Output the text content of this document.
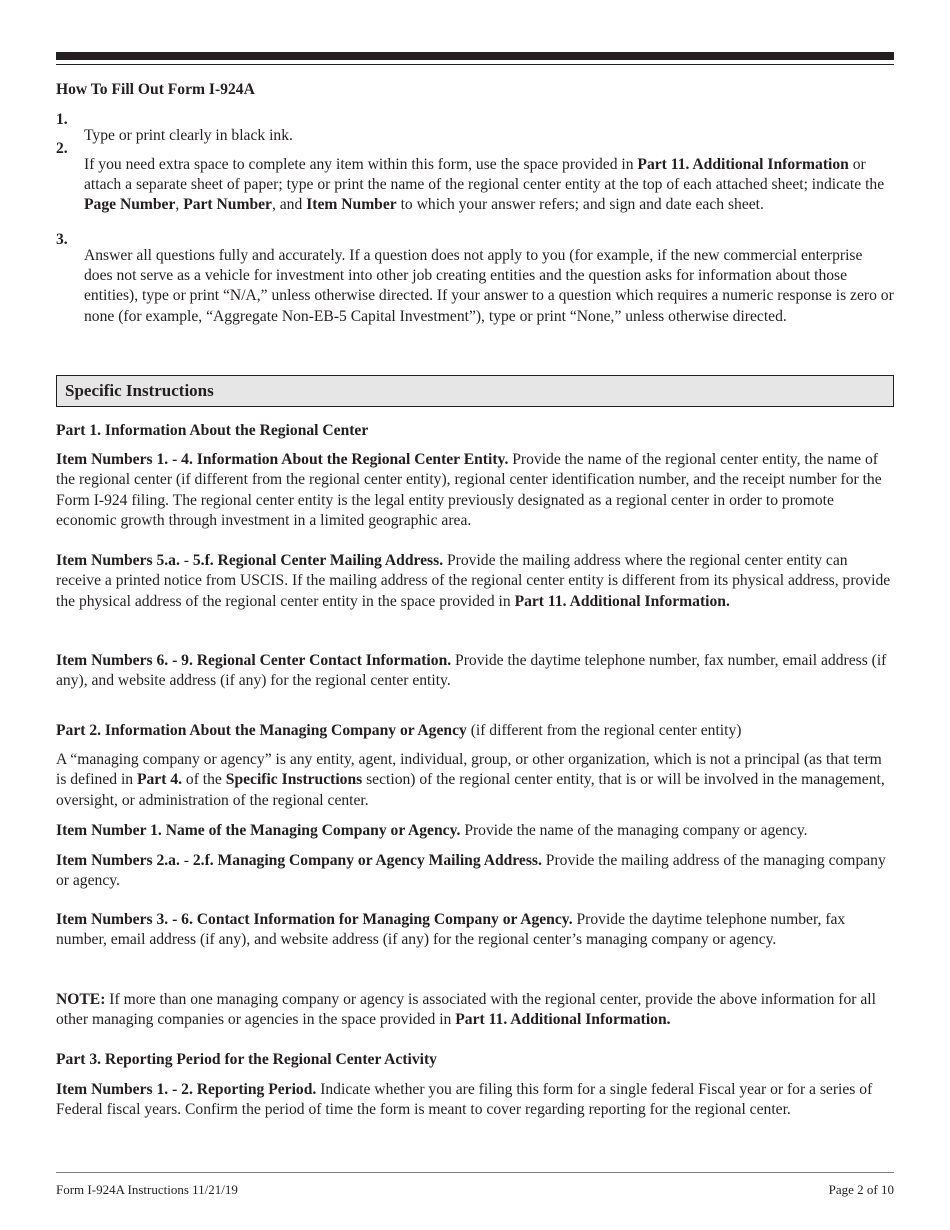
How To Fill Out Form I-924A

1.

Type or print clearly in black ink.

2.

If you need extra space to complete any item within this form, use the space provided in Part 11. Additional Information or attach a separate sheet of paper; type or print the name of the regional center entity at the top of each attached sheet; indicate the Page Number, Part Number, and Item Number to which your answer refers; and sign and date each sheet.

3.

Answer all questions fully and accurately. If a question does not apply to you (for example, if the new commercial enterprise does not serve as a vehicle for investment into other job creating entities and the question asks for information about those entities), type or print “N/A,” unless otherwise directed. If your answer to a question which requires a numeric response is zero or none (for example, “Aggregate Non-EB-5 Capital Investment”), type or print “None,” unless otherwise directed.

Specific Instructions

Part 1. Information About the Regional Center

Item Numbers 1. - 4. Information About the Regional Center Entity. Provide the name of the regional center entity, the name of the regional center (if different from the regional center entity), regional center identification number, and the receipt number for the Form I-924 filing. The regional center entity is the legal entity previously designated as a regional center in order to promote economic growth through investment in a limited geographic area.

Item Numbers 5.a. - 5.f. Regional Center Mailing Address. Provide the mailing address where the regional center entity can receive a printed notice from USCIS. If the mailing address of the regional center entity is different from its physical address, provide the physical address of the regional center entity in the space provided in Part 11. Additional Information.

Item Numbers 6. - 9. Regional Center Contact Information. Provide the daytime telephone number, fax number, email address (if any), and website address (if any) for the regional center entity.

Part 2. Information About the Managing Company or Agency (if different from the regional center entity)

A “managing company or agency” is any entity, agent, individual, group, or other organization, which is not a principal (as that term is defined in Part 4. of the Specific Instructions section) of the regional center entity, that is or will be involved in the management, oversight, or administration of the regional center.

Item Number 1. Name of the Managing Company or Agency. Provide the name of the managing company or agency.

Item Numbers 2.a. - 2.f. Managing Company or Agency Mailing Address. Provide the mailing address of the managing company or agency.

Item Numbers 3. - 6. Contact Information for Managing Company or Agency. Provide the daytime telephone number, fax number, email address (if any), and website address (if any) for the regional center’s managing company or agency.

NOTE: If more than one managing company or agency is associated with the regional center, provide the above information for all other managing companies or agencies in the space provided in Part 11. Additional Information.

Part 3. Reporting Period for the Regional Center Activity

Item Numbers 1. - 2. Reporting Period. Indicate whether you are filing this form for a single federal Fiscal year or for a series of Federal fiscal years. Confirm the period of time the form is meant to cover regarding reporting for the regional center.

Form I-924A Instructions 11/21/19	Page 2 of 10
